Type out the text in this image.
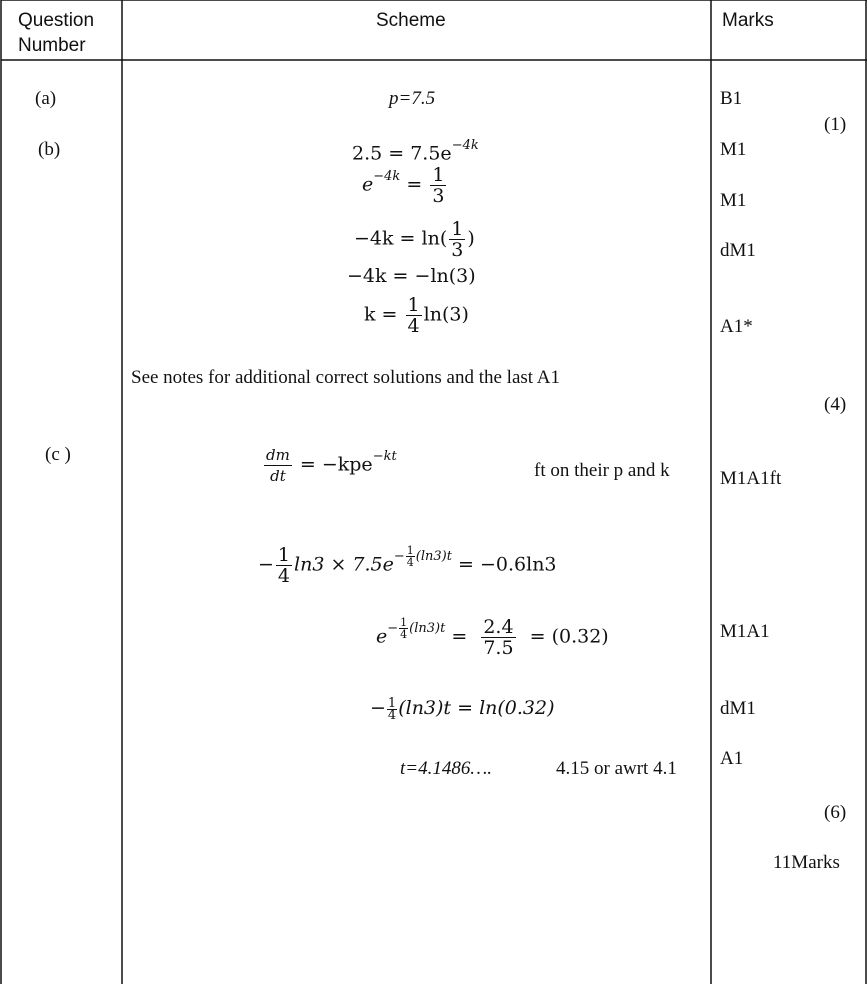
Question
Number
Scheme	Marks
(a)
(b)
(c )
p=7.5
$2.5 = 7.5e^{-4k}$
$e^{-4k} = \frac{1}{3}$
$-4k = \ln( \frac{1}{3}$ )
−4k = −ln(3)
$k = \frac{1}{4} \ln(3)$
See notes for additional correct solutions and the last A1
$\frac{dm}{dt} = -kpe^{-kt}$
ft on their p and k
− $\frac{1}{4} \ln 3 \times 7.5e^{- \frac{1}{4} (ln3)t} = -0.6\ln 3$
$e^{- \frac{1}{4} (ln3)t} = \frac{2.4}{7.5} = (0.32)$
− $\frac{1}{4} (\ln 3)t = \ln(0.32)$
t=4.1486….	4.15 or awrt 4.1
B1
(1)
M1
M1
dM1
A1*
(4)
M1A1ft
M1A1
dM1
A1
(6)
11Marks
